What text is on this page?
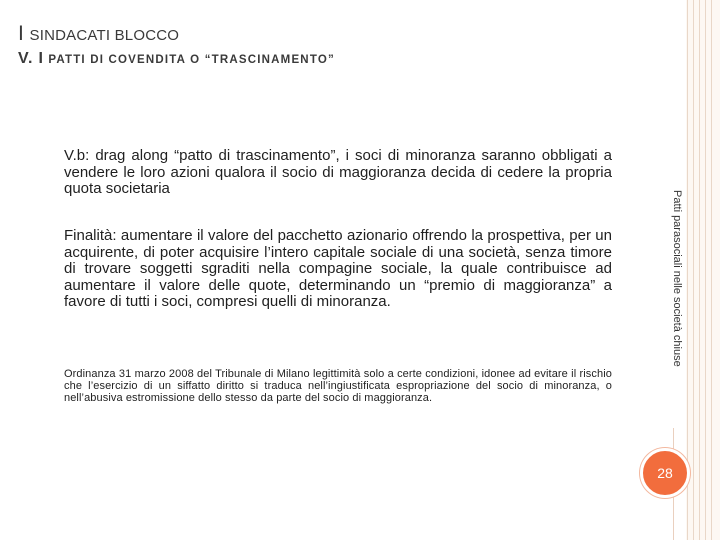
I SINDACATI BLOCCO
V. I PATTI DI COVENDITA O “TRASCINAMENTO”

V.b: drag along “patto di trascinamento”, i soci di minoranza saranno obbligati a vendere le loro azioni qualora il socio di maggioranza decida di cedere la propria quota societaria

Finalità: aumentare il valore del pacchetto azionario offrendo la prospettiva, per un acquirente, di poter acquisire l’intero capitale sociale di una società, senza timore di trovare soggetti sgraditi nella compagine sociale, la quale contribuisce ad aumentare il valore delle quote, determinando un “premio di maggioranza” a favore di tutti i soci, compresi quelli di minoranza.

Ordinanza 31 marzo 2008 del Tribunale di Milano legittimità solo a certe condizioni, idonee ad evitare il rischio che l’esercizio di un siffatto diritto si traduca nell’ingiustificata espropriazione del socio di minoranza, o nell’abusiva estromissione dello stesso da parte del socio di maggioranza.

Patti parasociali nelle società chiuse
28
